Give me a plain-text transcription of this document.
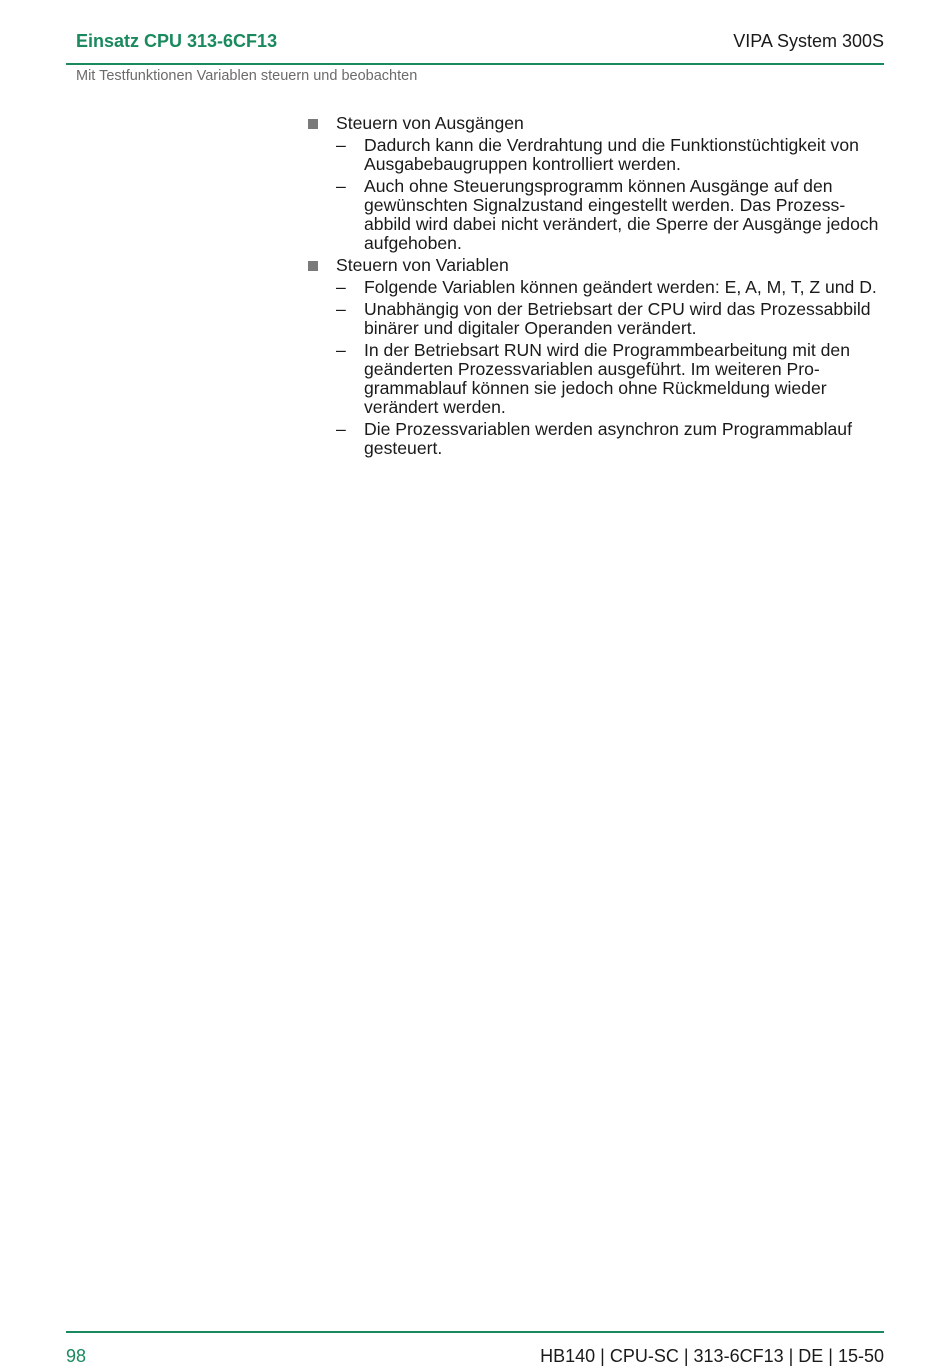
Einsatz CPU 313-6CF13	VIPA System 300S
Mit Testfunktionen Variablen steuern und beobachten
Steuern von Ausgängen
– Dadurch kann die Verdrahtung und die Funktionstüchtigkeit von Ausgabebaugruppen kontrolliert werden.
– Auch ohne Steuerungsprogramm können Ausgänge auf den gewünschten Signalzustand eingestellt werden. Das Prozessabbild wird dabei nicht verändert, die Sperre der Ausgänge jedoch aufgehoben.
Steuern von Variablen
– Folgende Variablen können geändert werden: E, A, M, T, Z und D.
– Unabhängig von der Betriebsart der CPU wird das Prozessabbild binärer und digitaler Operanden verändert.
– In der Betriebsart RUN wird die Programmbearbeitung mit den geänderten Prozessvariablen ausgeführt. Im weiteren Programmablauf können sie jedoch ohne Rückmeldung wieder verändert werden.
– Die Prozessvariablen werden asynchron zum Programmablauf gesteuert.
98	HB140 | CPU-SC | 313-6CF13 | DE | 15-50
